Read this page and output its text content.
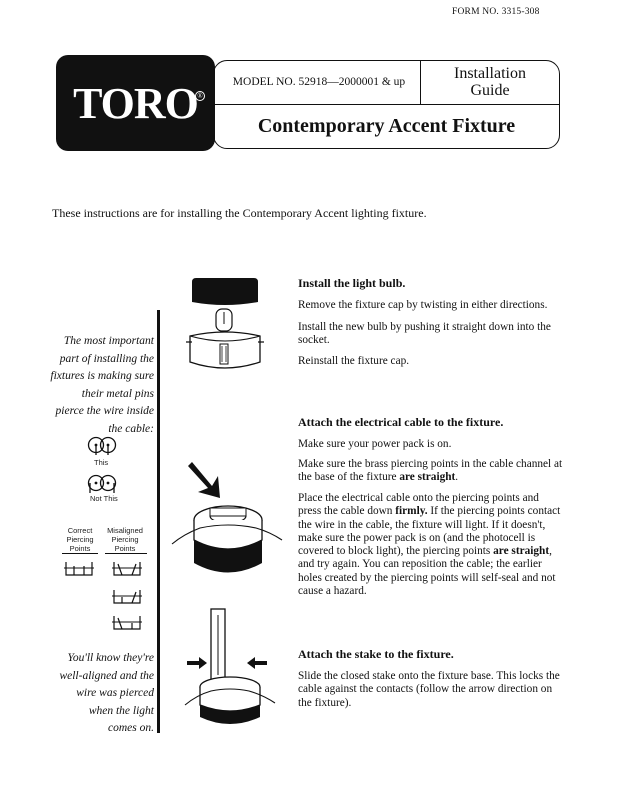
FORM NO. 3315-308
TORO ®
MODEL NO. 52918—2000001 & up	Installation
Guide
Contemporary Accent Fixture
These instructions are for installing the Contemporary Accent lighting fixture.
The most important
part of installing the
fixtures is making sure
their metal pins
pierce the wire inside
the cable:
This
Not This
Correct
Piercing
Points
Misaligned
Piercing
Points
You'll know they're
well-aligned and the
wire was pierced
when the light
comes on.
Install the light bulb.
Remove the fixture cap by twisting in either directions.
Install the new bulb by pushing it straight down into the socket.
Reinstall the fixture cap.
Attach the electrical cable to the fixture.
Make sure your power pack is on.
Make sure the brass piercing points in the cable channel at the base of the fixture are straight.
Place the electrical cable onto the piercing points and press the cable down firmly. If the piercing points contact the wire in the cable, the fixture will light. If it doesn't, make sure the power pack is on (and the photocell is covered to block light), the piercing points are straight, and try again. You can reposition the cable; the earlier holes created by the piercing points will self-seal and not cause a hazard.
Attach the stake to the fixture.
Slide the closed stake onto the fixture base. This locks the cable against the contacts (follow the arrow direction on the fixture).
